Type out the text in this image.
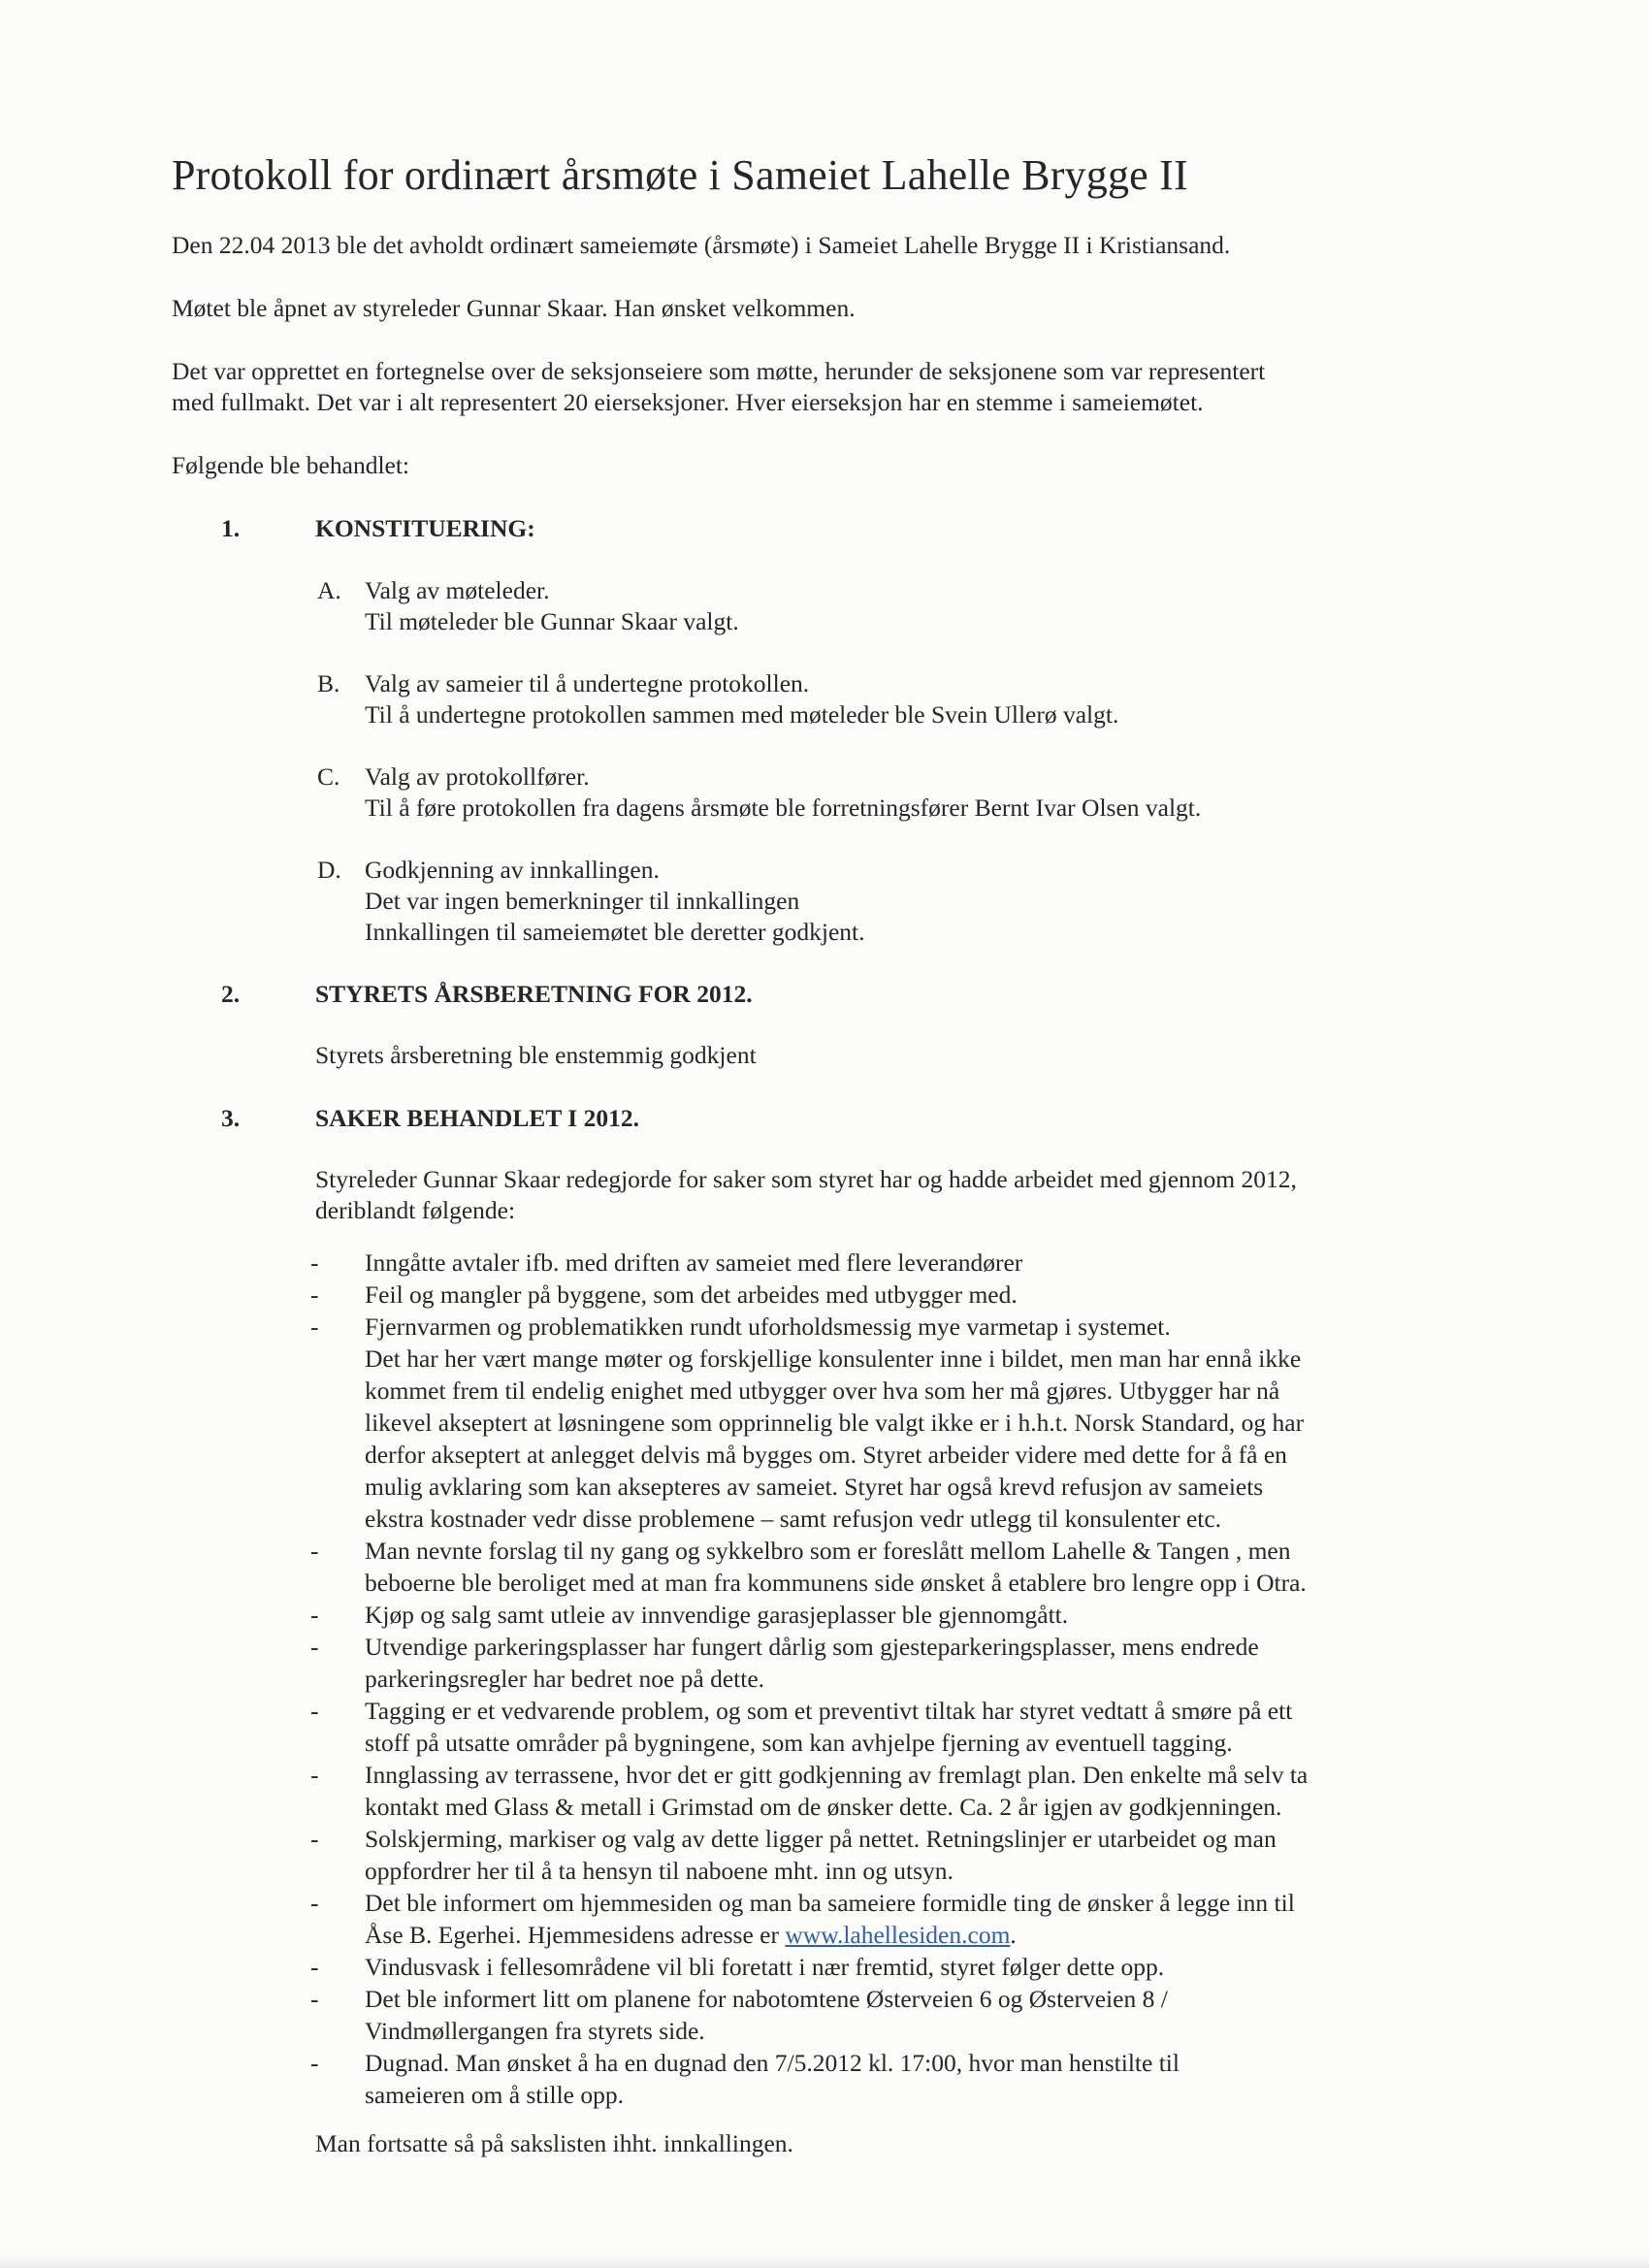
Protokoll for ordinært årsmøte i Sameiet Lahelle Brygge II
Den 22.04 2013 ble det avholdt ordinært sameiemøte (årsmøte) i Sameiet Lahelle Brygge II i Kristiansand.
Møtet ble åpnet av styreleder Gunnar Skaar. Han ønsket velkommen.
Det var opprettet en fortegnelse over de seksjonseiere som møtte, herunder de seksjonene som var representert
med fullmakt. Det var i alt representert 20 eierseksjoner. Hver eierseksjon har en stemme i sameiemøtet.
Følgende ble behandlet:
1.	KONSTITUERING:
A. Valg av møteleder.
Til møteleder ble Gunnar Skaar valgt.
B. Valg av sameier til å undertegne protokollen.
Til å undertegne protokollen sammen med møteleder ble Svein Ullerø valgt.
C. Valg av protokollfører.
Til å føre protokollen fra dagens årsmøte ble forretningsfører Bernt Ivar Olsen valgt.
D. Godkjenning av innkallingen.
Det var ingen bemerkninger til innkallingen
Innkallingen til sameiemøtet ble deretter godkjent.
2.	STYRETS ÅRSBERETNING FOR 2012.
Styrets årsberetning ble enstemmig godkjent
3.	SAKER BEHANDLET I 2012.
Styreleder Gunnar Skaar redegjorde for saker som styret har og hadde arbeidet med gjennom 2012,
deriblandt følgende:
- Inngåtte avtaler ifb. med driften av sameiet med flere leverandører
- Feil og mangler på byggene, som det arbeides med utbygger med.
- Fjernvarmen og problematikken rundt uforholdsmessig mye varmetap i systemet.
Det har her vært mange møter og forskjellige konsulenter inne i bildet, men man har ennå ikke
kommet frem til endelig enighet med utbygger over hva som her må gjøres. Utbygger har nå
likevel akseptert at løsningene som opprinnelig ble valgt ikke er i h.h.t. Norsk Standard, og har
derfor akseptert at anlegget delvis må bygges om. Styret arbeider videre med dette for å få en
mulig avklaring som kan aksepteres av sameiet. Styret har også krevd refusjon av sameiets
ekstra kostnader vedr disse problemene – samt refusjon vedr utlegg til konsulenter etc.
- Man nevnte forslag til ny gang og sykkelbro som er foreslått mellom Lahelle & Tangen , men
beboerne ble beroliget med at man fra kommunens side ønsket å etablere bro lengre opp i Otra.
- Kjøp og salg samt utleie av innvendige garasjeplasser ble gjennomgått.
- Utvendige parkeringsplasser har fungert dårlig som gjesteparkeringsplasser, mens endrede
parkeringsregler har bedret noe på dette.
- Tagging er et vedvarende problem, og som et preventivt tiltak har styret vedtatt å smøre på ett
stoff på utsatte områder på bygningene, som kan avhjelpe fjerning av eventuell tagging.
- Innglassing av terrassene, hvor det er gitt godkjenning av fremlagt plan. Den enkelte må selv ta
kontakt med Glass & metall i Grimstad om de ønsker dette. Ca. 2 år igjen av godkjenningen.
- Solskjerming, markiser og valg av dette ligger på nettet. Retningslinjer er utarbeidet og man
oppfordrer her til å ta hensyn til naboene mht. inn og utsyn.
- Det ble informert om hjemmesiden og man ba sameiere formidle ting de ønsker å legge inn til
Åse B. Egerhei. Hjemmesidens adresse er www.lahellesiden.com.
- Vindusvask i fellesområdene vil bli foretatt i nær fremtid, styret følger dette opp.
- Det ble informert litt om planene for nabotomtene Østerveien 6 og Østerveien 8 /
Vindmøllergangen fra styrets side.
- Dugnad. Man ønsket å ha en dugnad den 7/5.2012 kl. 17:00, hvor man henstilte til
sameieren om å stille opp.
Man fortsatte så på sakslisten ihht. innkallingen.
